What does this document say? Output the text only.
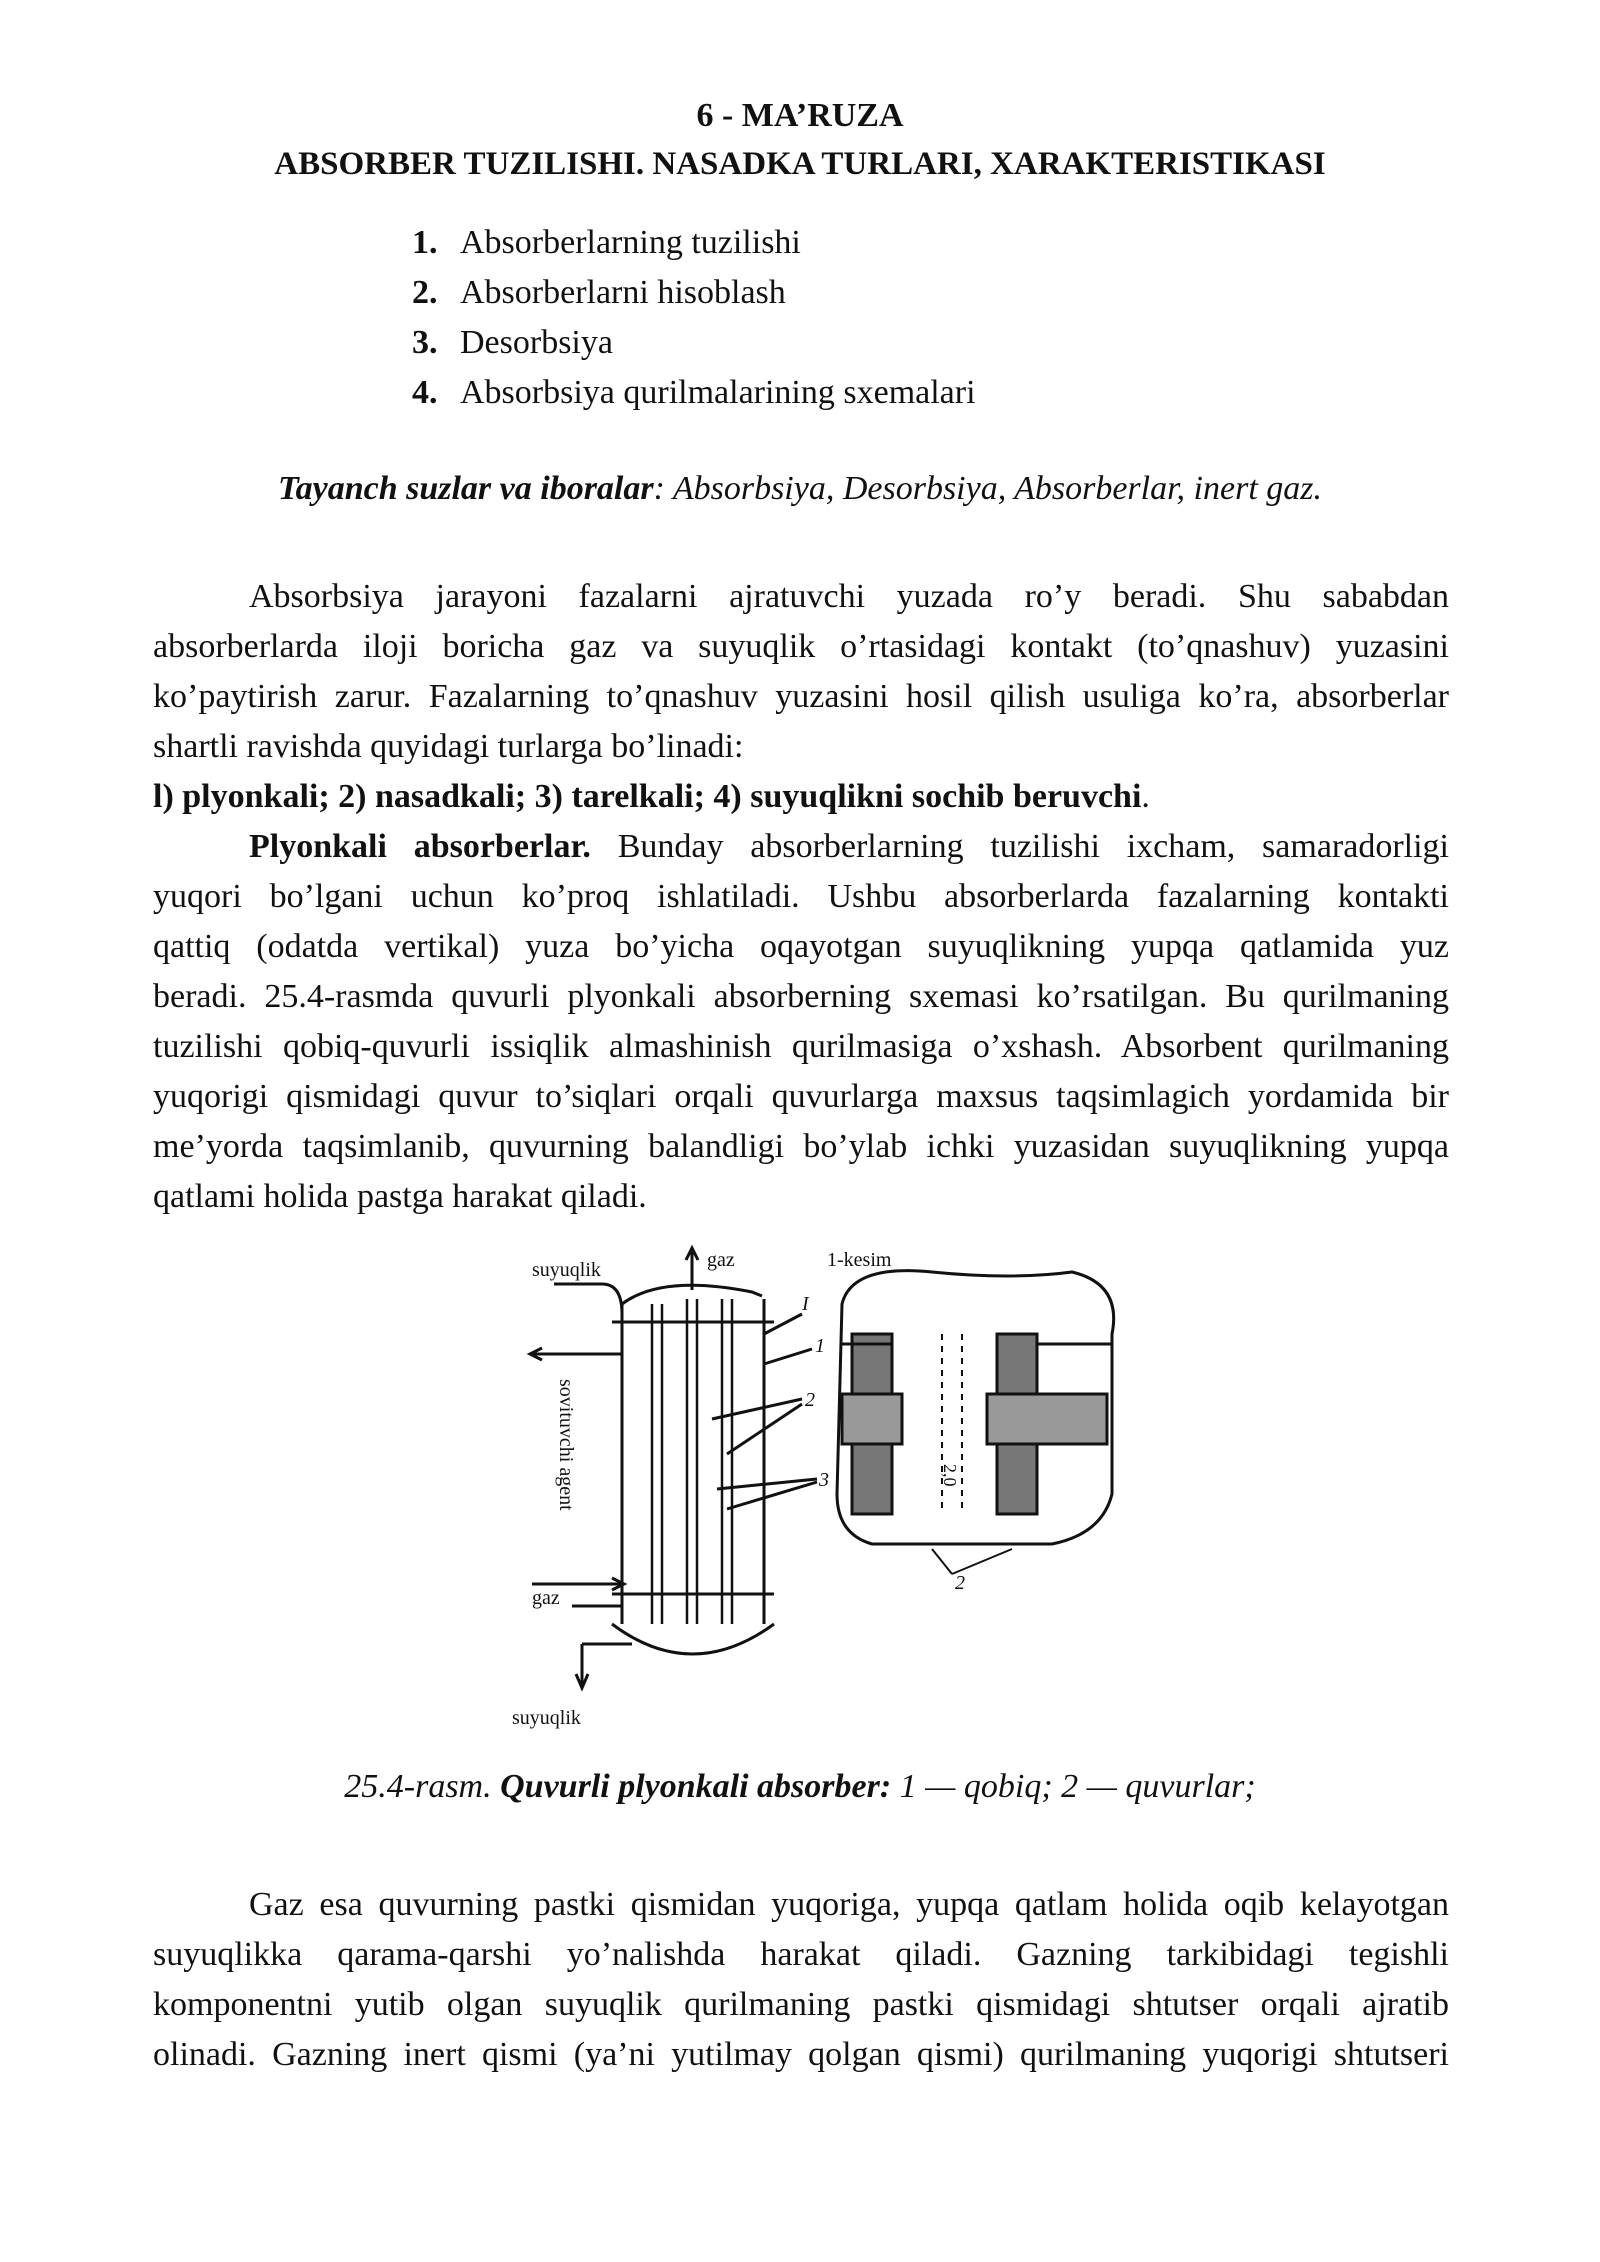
6 - MA’RUZA
ABSORBER TUZILISHI. NASADKA TURLARI, XARAKTERISTIKASI
1. Absorberlarning tuzilishi
2. Absorberlarni hisoblash
3. Desorbsiya
4. Absorbsiya qurilmalarining sxemalari
Tayanch suzlar va iboralar: Absorbsiya, Desorbsiya, Absorberlar, inert gaz.
Absorbsiya jarayoni fazalarni ajratuvchi yuzada ro’y beradi. Shu sababdan
absorberlarda iloji boricha gaz va suyuqlik o’rtasidagi kontakt (to’qnashuv) yuzasini
ko’paytirish zarur. Fazalarning to’qnashuv yuzasini hosil qilish usuliga ko’ra, absorberlar
shartli ravishda quyidagi turlarga bo’linadi:
l) plyonkali; 2) nasadkali; 3) tarelkali; 4) suyuqlikni sochib beruvchi.
Plyonkali absorberlar. Bunday absorberlarning tuzilishi ixcham, samaradorligi
yuqori bo’lgani uchun ko’proq ishlatiladi. Ushbu absorberlarda fazalarning kontakti
qattiq (odatda vertikal) yuza bo’yicha oqayotgan suyuqlikning yupqa qatlamida yuz
beradi. 25.4-rasmda quvurli plyonkali absorberning sxemasi ko’rsatilgan. Bu qurilmaning
tuzilishi qobiq-quvurli issiqlik almashinish qurilmasiga o’xshash. Absorbent qurilmaning
yuqorigi qismidagi quvur to’siqlari orqali quvurlarga maxsus taqsimlagich yordamida bir
me’yorda taqsimlanib, quvurning balandligi bo’ylab ichki yuzasidan suyuqlikning yupqa
qatlami holida pastga harakat qiladi.
suyuqlik	gaz	1-kesim
I
1
2
3
2
gaz
suyuqlik
sovituvchi agent	2,0
25.4-rasm. Quvurli plyonkali absorber: 1 — qobiq; 2 — quvurlar;
Gaz esa quvurning pastki qismidan yuqoriga, yupqa qatlam holida oqib kelayotgan
suyuqlikka qarama-qarshi yo’nalishda harakat qiladi. Gazning tarkibidagi tegishli
komponentni yutib olgan suyuqlik qurilmaning pastki qismidagi shtutser orqali ajratib
olinadi. Gazning inert qismi (ya’ni yutilmay qolgan qismi) qurilmaning yuqorigi shtutseri
